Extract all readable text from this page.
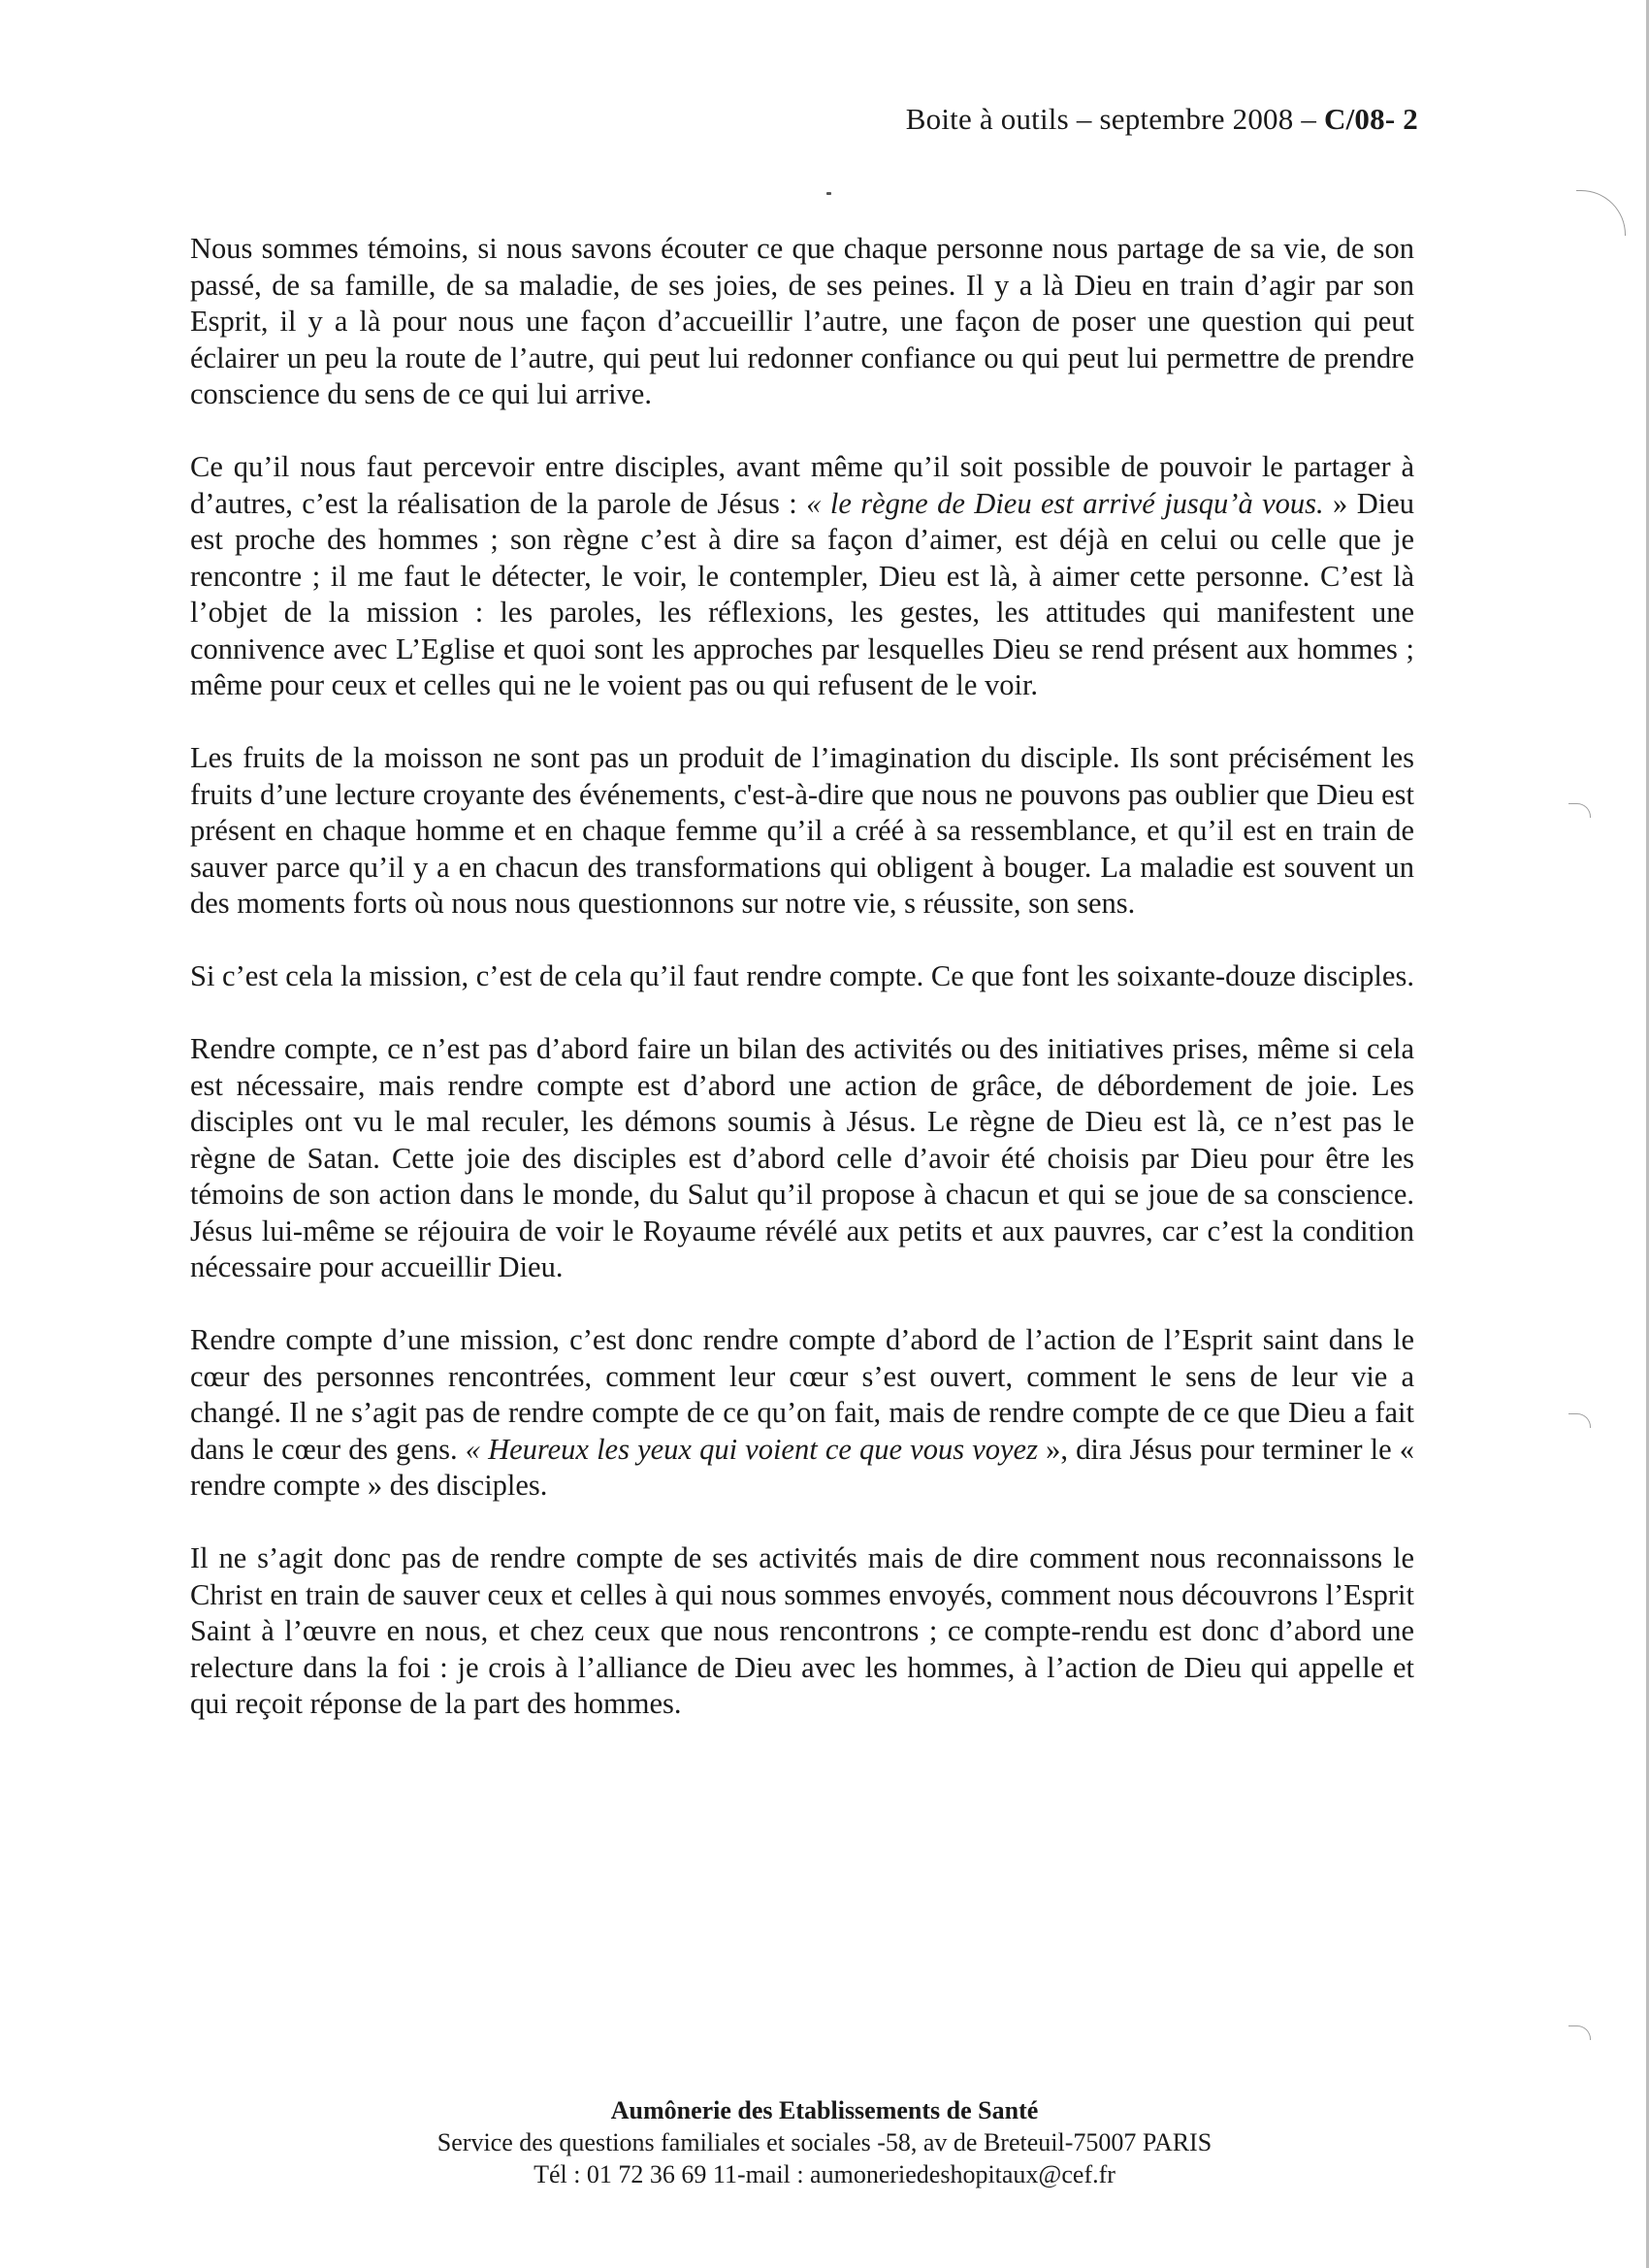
Boite à outils – septembre 2008 – C/08- 2

Nous sommes témoins, si nous savons écouter ce que chaque personne nous partage de sa vie, de son passé, de sa famille, de sa maladie, de ses joies, de ses peines. Il y a là Dieu en train d’agir par son Esprit, il y a là pour nous une façon d’accueillir l’autre, une façon de poser une question qui peut éclairer un peu la route de l’autre, qui peut lui redonner confiance ou qui peut lui permettre de prendre conscience du sens de ce qui lui arrive.

Ce qu’il nous faut percevoir entre disciples, avant même qu’il soit possible de pouvoir le partager à d’autres, c’est la réalisation de la parole de Jésus : « le règne de Dieu est arrivé jusqu’à vous. » Dieu est proche des hommes ; son règne c’est à dire sa façon d’aimer, est déjà en celui ou celle que je rencontre ; il me faut le détecter, le voir, le contempler, Dieu est là, à aimer cette personne. C’est là l’objet de la mission : les paroles, les réflexions, les gestes, les attitudes qui manifestent une connivence avec L’Eglise et quoi sont les approches par lesquelles Dieu se rend présent aux hommes ; même pour ceux et celles qui ne le voient pas ou qui refusent de le voir.

Les fruits de la moisson ne sont pas un produit de l’imagination du disciple. Ils sont précisément les fruits d’une lecture croyante des événements, c'est-à-dire que nous ne pouvons pas oublier que Dieu est présent en chaque homme et en chaque femme qu’il a créé à sa ressemblance, et qu’il est en train de sauver parce qu’il y a en chacun des transformations qui obligent à bouger. La maladie est souvent un des moments forts où nous nous questionnons sur notre vie, s réussite, son sens.

Si c’est cela la mission, c’est de cela qu’il faut rendre compte. Ce que font les soixante-douze disciples.

Rendre compte, ce n’est pas d’abord faire un bilan des activités ou des initiatives prises, même si cela est nécessaire, mais rendre compte est d’abord une action de grâce, de débordement de joie. Les disciples ont vu le mal reculer, les démons soumis à Jésus. Le règne de Dieu est là, ce n’est pas le règne de Satan. Cette joie des disciples est d’abord celle d’avoir été choisis par Dieu pour être les témoins de son action dans le monde, du Salut qu’il propose à chacun et qui se joue de sa conscience. Jésus lui-même se réjouira de voir le Royaume révélé aux petits et aux pauvres, car c’est la condition nécessaire pour accueillir Dieu.

Rendre compte d’une mission, c’est donc rendre compte d’abord de l’action de l’Esprit saint dans le cœur des personnes rencontrées, comment leur cœur s’est ouvert, comment le sens de leur vie a changé. Il ne s’agit pas de rendre compte de ce qu’on fait, mais de rendre compte de ce que Dieu a fait dans le cœur des gens. « Heureux les yeux qui voient ce que vous voyez », dira Jésus pour terminer le « rendre compte » des disciples.

Il ne s’agit donc pas de rendre compte de ses activités mais de dire comment nous reconnaissons le Christ en train de sauver ceux et celles à qui nous sommes envoyés, comment nous découvrons l’Esprit Saint à l’œuvre en nous, et chez ceux que nous rencontrons ; ce compte-rendu est donc d’abord une relecture dans la foi : je crois à l’alliance de Dieu avec les hommes, à l’action de Dieu qui appelle et qui reçoit réponse de la part des hommes.

Aumônerie des Etablissements de Santé
Service des questions familiales et sociales -58, av de Breteuil-75007 PARIS
Tél : 01 72 36 69 11-mail : aumoneriedeshopitaux@cef.fr
